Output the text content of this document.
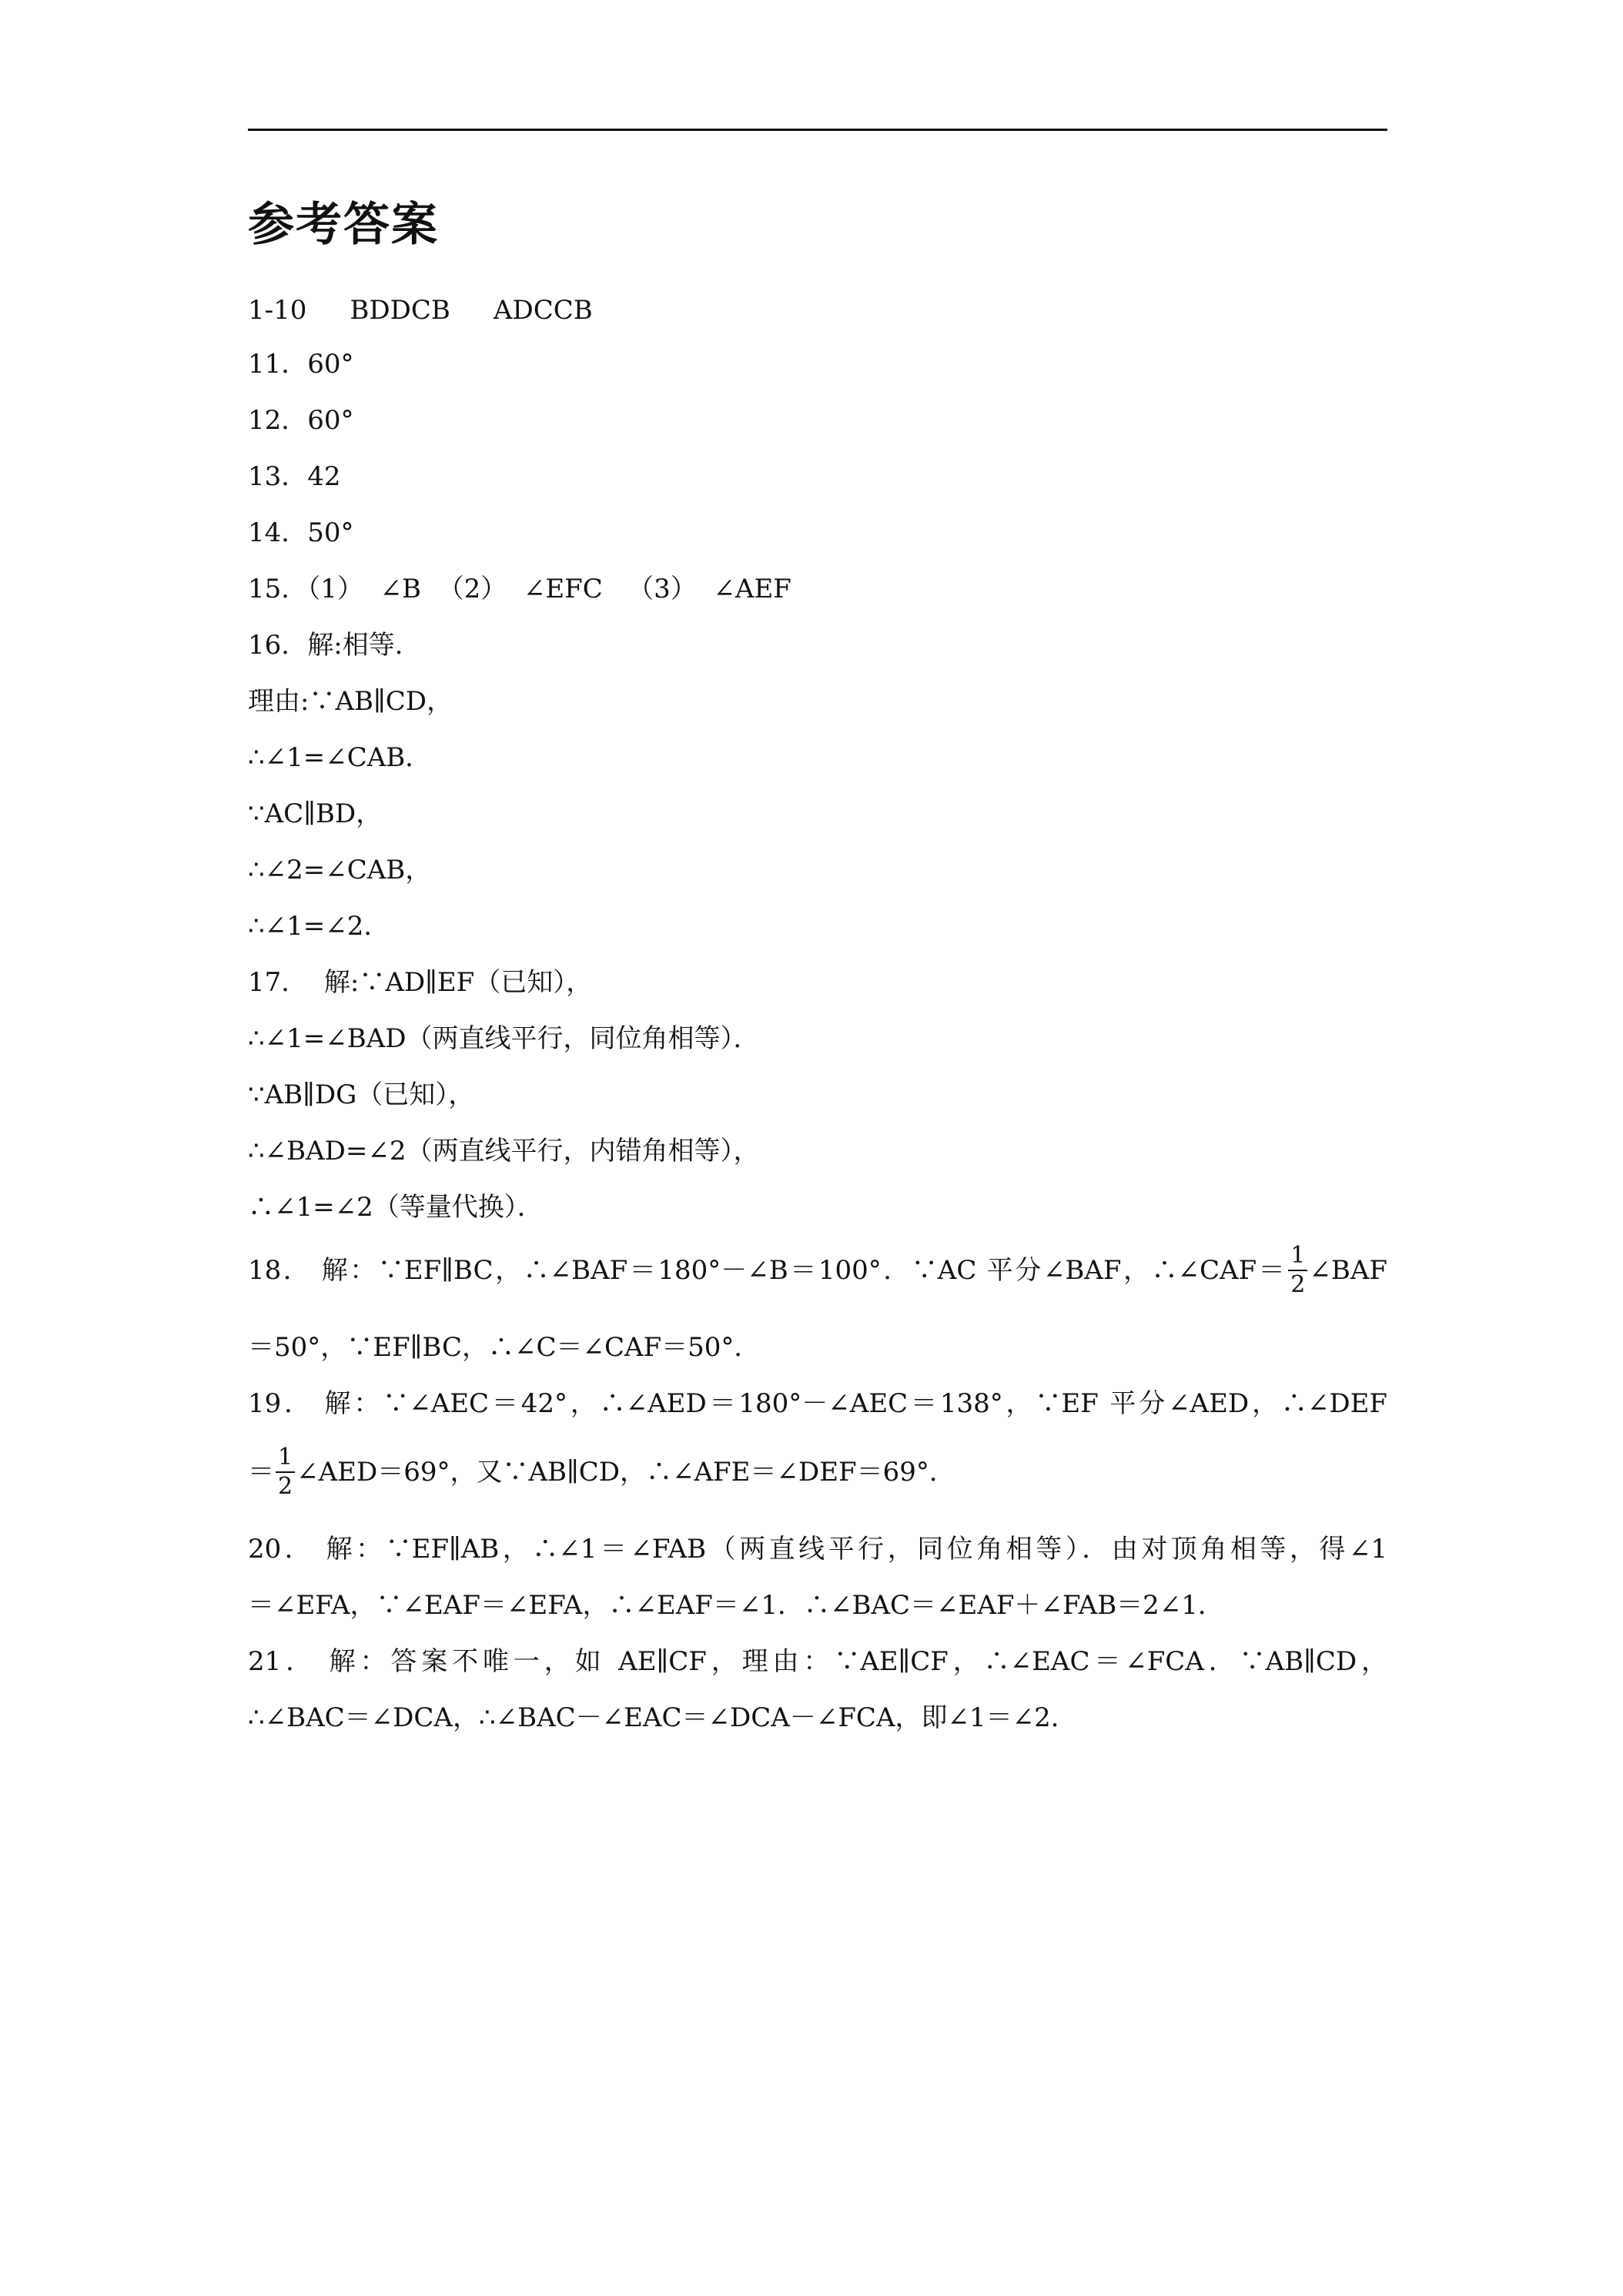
参考答案
1-10 BDDCB ADCCB
11．60°
12．60°
13．42
14．50°
15．（1）  ∠B  （2）  ∠EFC   （3）  ∠AEF
16．解:相等．
理由:∵AB∥CD，
∴∠1=∠CAB．
∵AC∥BD，
∴∠2=∠CAB，
∴∠1=∠2．
17．  解:∵AD∥EF（已知），
∴∠1=∠BAD（两直线平行，同位角相等）．
∵AB∥DG（已知），
∴∠BAD=∠2（两直线平行，内错角相等），
∴∠1=∠2（等量代换）．
18． 解：∵EF∥BC，∴∠BAF＝180°－∠B＝100°．∵AC 平分∠BAF，∴∠CAF＝ $\frac{1}{2}$ ∠BAF
＝50°，∵EF∥BC，∴∠C＝∠CAF＝50°．
19． 解：∵∠AEC＝42°，∴∠AED＝180°－∠AEC＝138°，∵EF 平分∠AED，∴∠DEF
＝ $\frac{1}{2}$ ∠AED＝69°，又∵AB∥CD，∴∠AFE＝∠DEF＝69°．
20． 解：∵EF∥AB，∴∠1＝∠FAB（两直线平行，同位角相等）．由对顶角相等，得∠1
＝∠EFA，∵∠EAF＝∠EFA，∴∠EAF＝∠1．∴∠BAC＝∠EAF＋∠FAB＝2∠1．
21． 解：答案不唯一，如 AE∥CF，理由：∵AE∥CF，∴∠EAC＝∠FCA．∵AB∥CD，
∴∠BAC＝∠DCA，∴∠BAC－∠EAC＝∠DCA－∠FCA，即∠1＝∠2．
